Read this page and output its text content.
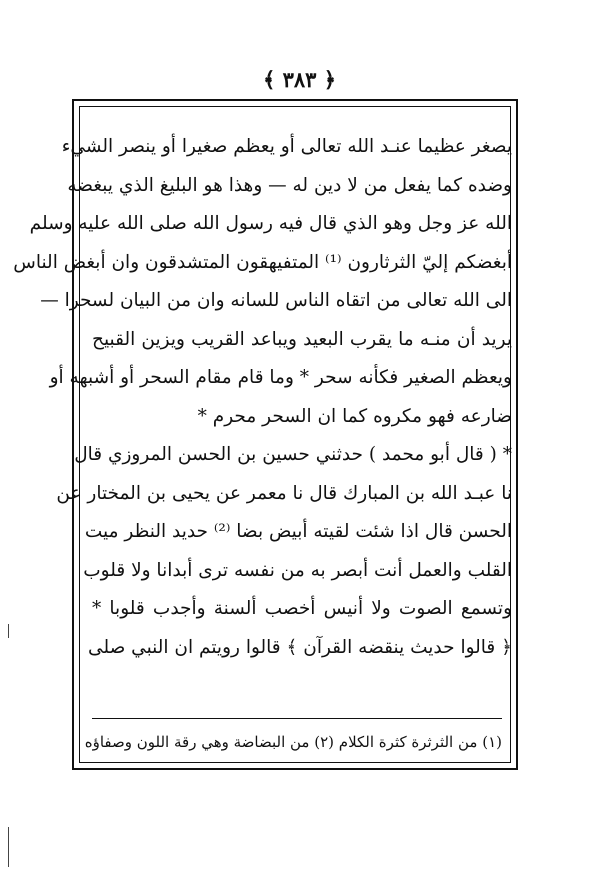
﴿ ٣٨٣ ﴾
يصغر عظيما عنـد الله تعالى أو يعظم صغيرا أو ينصر الشيء
وضده كما يفعل من لا دين له — وهذا هو البليغ الذي يبغضه
الله عز وجل وهو الذي قال فيه رسول الله صلى الله عليه وسلم
أبغضكم إليّ الثرثارون ⁽¹⁾ المتفيهقون المتشدقون وان أبغض الناس
الى الله تعالى من اتقاه الناس للسانه وان من البيان لسحرا —
يريد أن منـه ما يقرب البعيد ويباعد القريب ويزين القبيح
ويعظم الصغير فكأنه سحر * وما قام مقام السحر أو أشبهه أو
ضارعه فهو مكروه كما ان السحر محرم *
* ( قال أبو محمد ) حدثني حسين بن الحسن المروزي قال
نا عبـد الله بن المبارك قال نا معمر عن يحيى بن المختار عن
الحسن قال اذا شئت لقيته أبيض بضا ⁽²⁾ حديد النظر ميت
القلب والعمل أنت أبصر به من نفسه ترى أبدانا ولا قلوب
وتسمع الصوت ولا أنيس أخصب ألسنة وأجدب قلوبا *
﴿ قالوا حديث ينقضه القرآن ﴾ قالوا رويتم ان النبي صلى
(١) من الثرثرة كثرة الكلام (٢) من البضاضة وهي رقة اللون وصفاؤه
